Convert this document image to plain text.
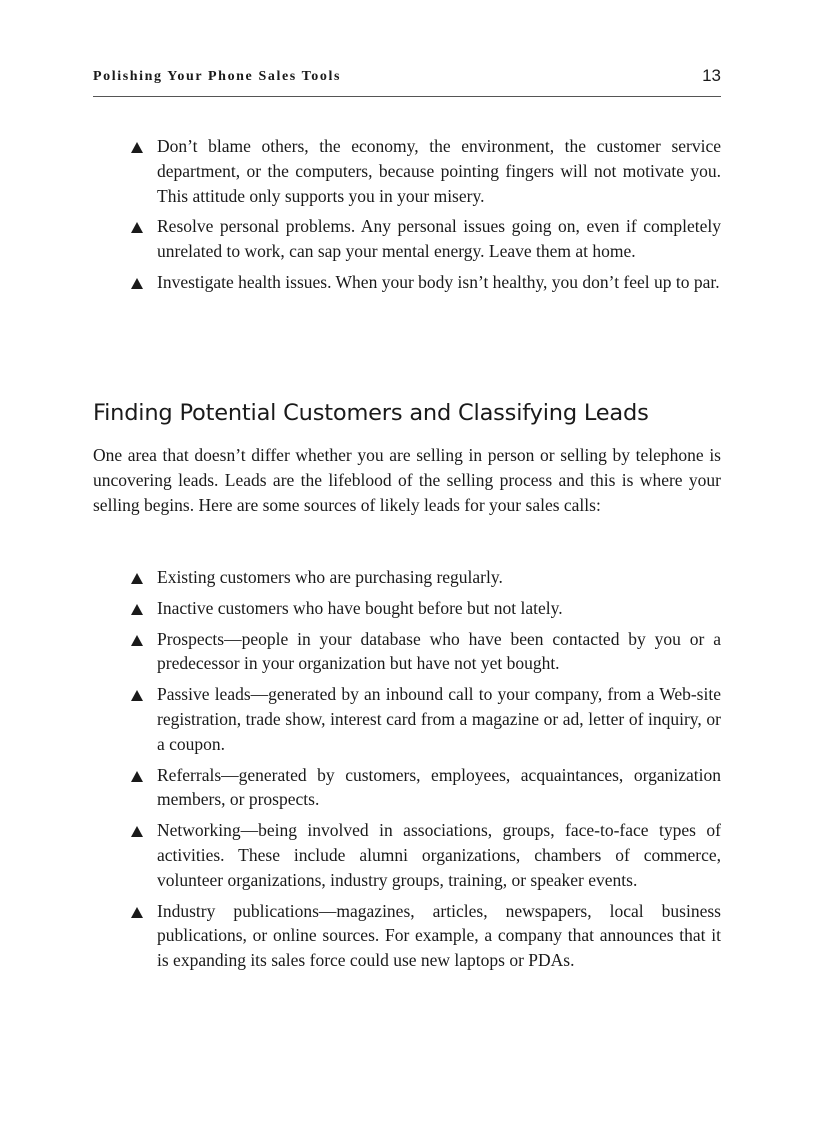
Polishing Your Phone Sales Tools	13
Don’t blame others, the economy, the environment, the customer service department, or the computers, because pointing fingers will not motivate you. This attitude only supports you in your misery.
Resolve personal problems. Any personal issues going on, even if completely unrelated to work, can sap your mental energy. Leave them at home.
Investigate health issues. When your body isn’t healthy, you don’t feel up to par.
Finding Potential Customers and Classifying Leads

One area that doesn’t differ whether you are selling in person or selling by telephone is uncovering leads. Leads are the lifeblood of the selling process and this is where your selling begins. Here are some sources of likely leads for your sales calls:

Existing customers who are purchasing regularly.
Inactive customers who have bought before but not lately.
Prospects—people in your database who have been contacted by you or a predecessor in your organization but have not yet bought.
Passive leads—generated by an inbound call to your company, from a Web-site registration, trade show, interest card from a magazine or ad, letter of inquiry, or a coupon.
Referrals—generated by customers, employees, acquaintances, organization members, or prospects.
Networking—being involved in associations, groups, face-to-face types of activities. These include alumni organizations, chambers of commerce, volunteer organizations, industry groups, training, or speaker events.
Industry publications—magazines, articles, newspapers, local business publications, or online sources. For example, a company that announces that it is expanding its sales force could use new laptops or PDAs.
